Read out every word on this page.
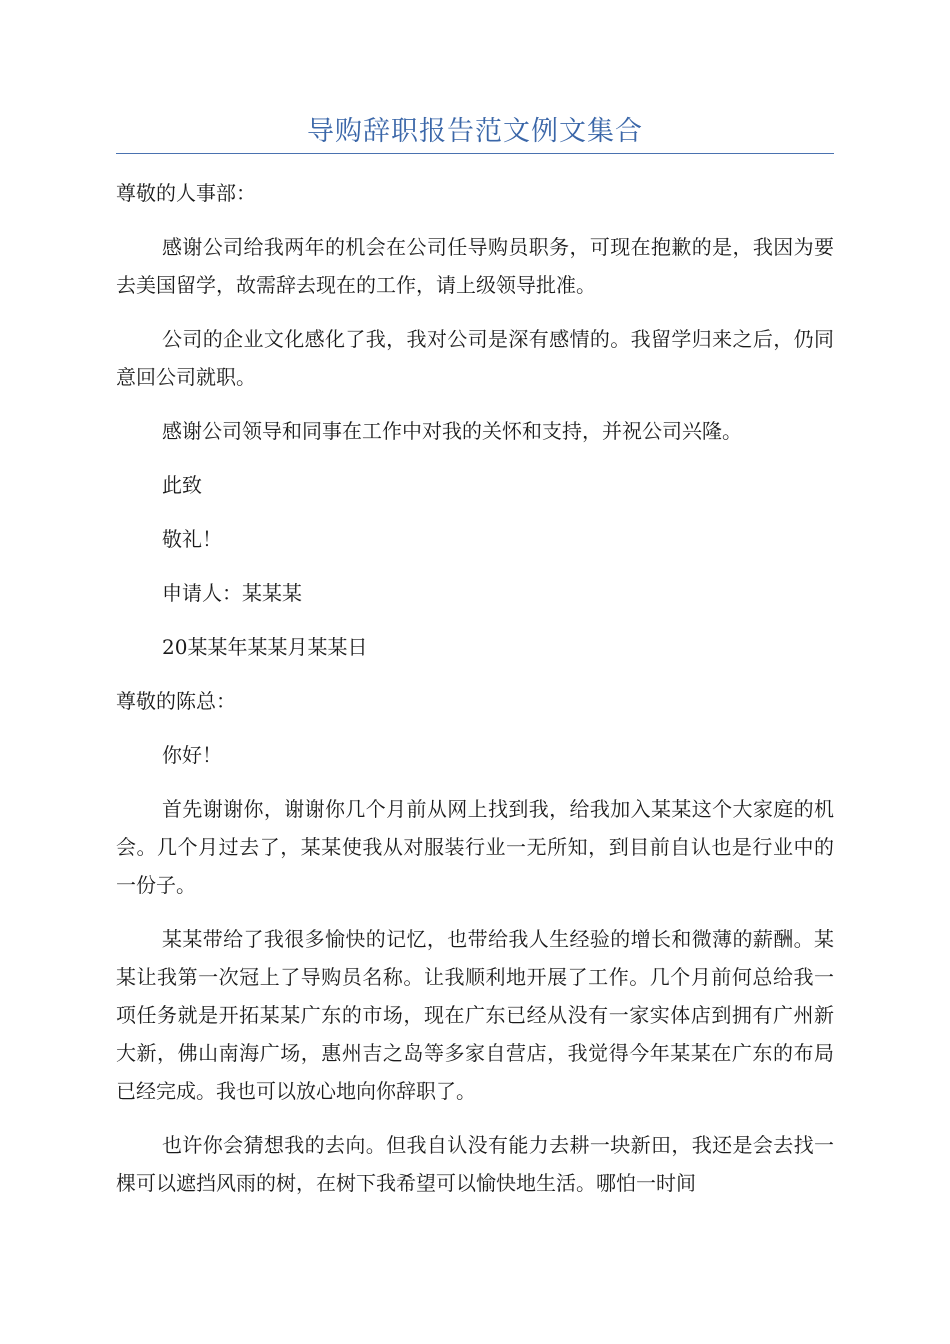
导购辞职报告范文例文集合

尊敬的人事部：

感谢公司给我两年的机会在公司任导购员职务，可现在抱歉的是，我因为要去美国留学，故需辞去现在的工作，请上级领导批准。

公司的企业文化感化了我，我对公司是深有感情的。我留学归来之后，仍同意回公司就职。

感谢公司领导和同事在工作中对我的关怀和支持，并祝公司兴隆。

此致

敬礼！

申请人：某某某

20某某年某某月某某日

尊敬的陈总：

你好！

首先谢谢你，谢谢你几个月前从网上找到我，给我加入某某这个大家庭的机会。几个月过去了，某某使我从对服装行业一无所知，到目前自认也是行业中的一份子。

某某带给了我很多愉快的记忆，也带给我人生经验的增长和微薄的薪酬。某某让我第一次冠上了导购员名称。让我顺利地开展了工作。几个月前何总给我一项任务就是开拓某某广东的市场，现在广东已经从没有一家实体店到拥有广州新大新，佛山南海广场，惠州吉之岛等多家自营店，我觉得今年某某在广东的布局已经完成。我也可以放心地向你辞职了。

也许你会猜想我的去向。但我自认没有能力去耕一块新田，我还是会去找一棵可以遮挡风雨的树，在树下我希望可以愉快地生活。哪怕一时间
